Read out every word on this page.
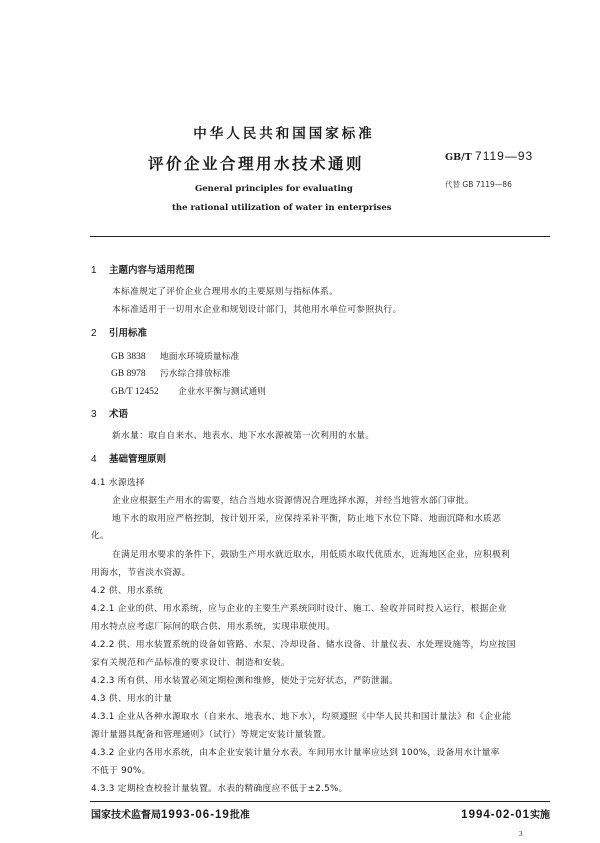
中华人民共和国国家标准
评价企业合理用水技术通则
General principles for evaluating
the rational utilization of water in enterprises
GB/T 7119—93
代替 GB 7119—86
1 主题内容与适用范围
本标准规定了评价企业合理用水的主要原则与指标体系。
本标准适用于一切用水企业和规划设计部门，其他用水单位可参照执行。
2 引用标准
GB 3838 地面水环境质量标准
GB 8978 污水综合排放标准
GB/T 12452 企业水平衡与测试通则
3 术语
新水量：取自自来水、地表水、地下水水源被第一次利用的水量。
4 基础管理原则
4.1 水源选择
企业应根据生产用水的需要，结合当地水资源情况合理选择水源，并经当地管水部门审批。
地下水的取用应严格控制，按计划开采，应保持采补平衡，防止地下水位下降、地面沉降和水质恶
化。
在满足用水要求的条件下，鼓励生产用水就近取水，用低质水取代优质水，近海地区企业，应积极利
用海水，节省淡水资源。
4.2 供、用水系统
4.2.1 企业的供、用水系统，应与企业的主要生产系统同时设计、施工、验收并同时投入运行，根据企业
用水特点应考虑厂际间的联合供、用水系统，实现串联使用。
4.2.2 供、用水装置系统的设备如管路、水泵、冷却设备、储水设备、计量仪表、水处理设施等，均应按国
家有关规范和产品标准的要求设计、制造和安装。
4.2.3 所有供、用水装置必须定期检测和维修，使处于完好状态，严防泄漏。
4.3 供、用水的计量
4.3.1 企业从各种水源取水（自来水、地表水、地下水），均须遵照《中华人民共和国计量法》和《企业能
源计量器具配备和管理通则》（试行）等规定安装计量装置。
4.3.2 企业内各用水系统，由本企业安装计量分水表。车间用水计量率应达到 100%，设备用水计量率
不低于 90%。
4.3.3 定期检查校验计量装置。水表的精确度应不低于±2.5%。
国家技术监督局1993-06-19批准	1994-02-01实施
3
